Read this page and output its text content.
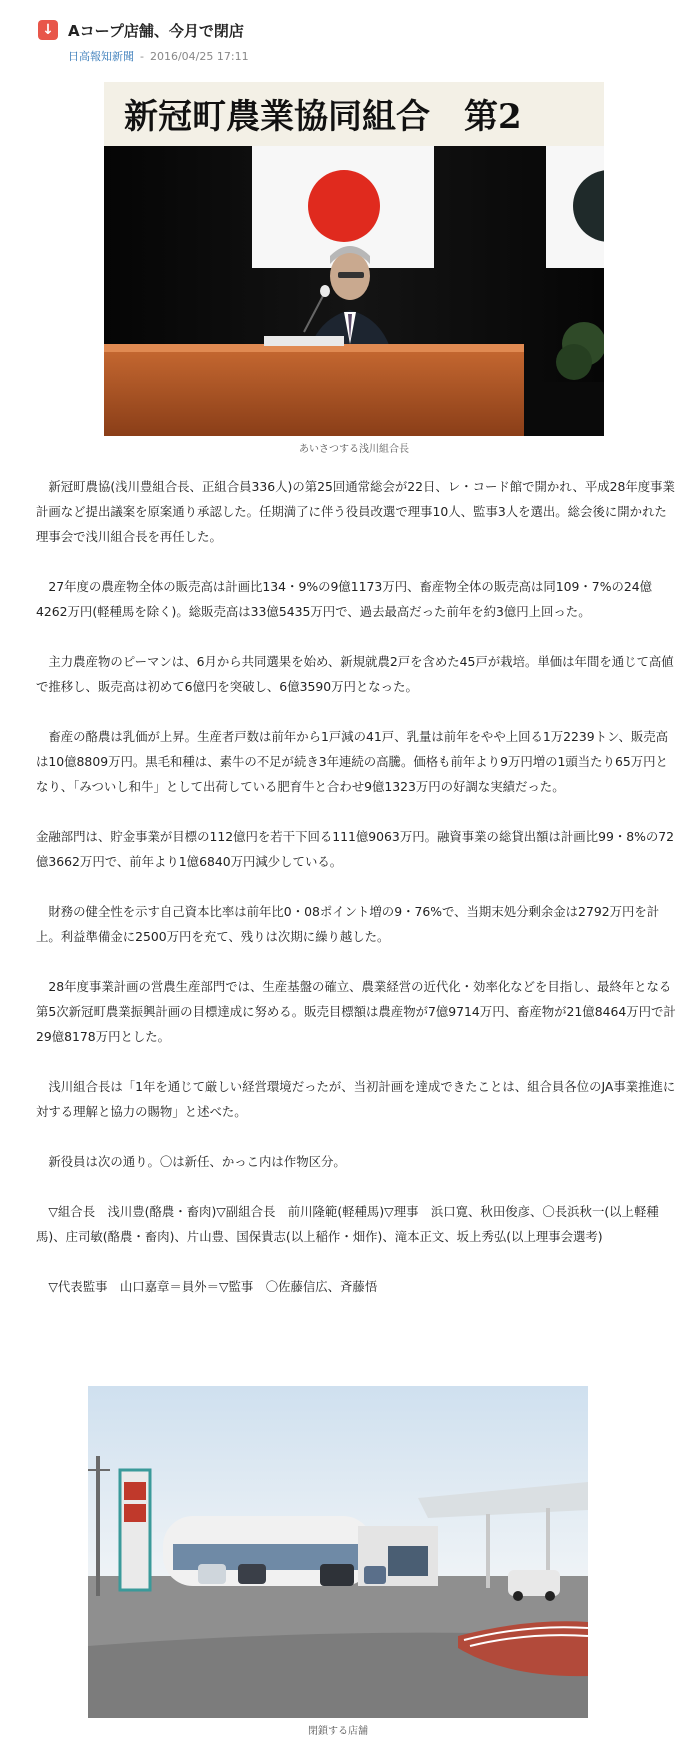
↓ Aコープ店舗、今月で閉店
日高報知新聞 - 2016/04/25 17:11
新冠町農業協同組合　第2
あいさつする浅川組合長

　新冠町農協(浅川豊組合長、正組合員336人)の第25回通常総会が22日、レ・コード館で開かれ、平成28年度事業計画など提出議案を原案通り承認した。任期満了に伴う役員改選で理事10人、監事3人を選出。総会後に開かれた理事会で浅川組合長を再任した。

　27年度の農産物全体の販売高は計画比134・9%の9億1173万円、畜産物全体の販売高は同109・7%の24億4262万円(軽種馬を除く)。総販売高は33億5435万円で、過去最高だった前年を約3億円上回った。

　主力農産物のピーマンは、6月から共同選果を始め、新規就農2戸を含めた45戸が栽培。単価は年間を通じて高値で推移し、販売高は初めて6億円を突破し、6億3590万円となった。

　畜産の酪農は乳価が上昇。生産者戸数は前年から1戸減の41戸、乳量は前年をやや上回る1万2239トン、販売高は10億8809万円。黒毛和種は、素牛の不足が続き3年連続の高騰。価格も前年より9万円増の1頭当たり65万円となり、「みついし和牛」として出荷している肥育牛と合わせ9億1323万円の好調な実績だった。

金融部門は、貯金事業が目標の112億円を若干下回る111億9063万円。融資事業の総貸出額は計画比99・8%の72億3662万円で、前年より1億6840万円減少している。

　財務の健全性を示す自己資本比率は前年比0・08ポイント増の9・76%で、当期末処分剰余金は2792万円を計上。利益準備金に2500万円を充て、残りは次期に繰り越した。

　28年度事業計画の営農生産部門では、生産基盤の確立、農業経営の近代化・効率化などを目指し、最終年となる第5次新冠町農業振興計画の目標達成に努める。販売目標額は農産物が7億9714万円、畜産物が21億8464万円で計29億8178万円とした。

　浅川組合長は「1年を通じて厳しい経営環境だったが、当初計画を達成できたことは、組合員各位のJA事業推進に対する理解と協力の賜物」と述べた。

　新役員は次の通り。〇は新任、かっこ内は作物区分。

　▽組合長　浅川豊(酪農・畜肉)▽副組合長　前川隆範(軽種馬)▽理事　浜口寛、秋田俊彦、〇長浜秋一(以上軽種馬)、庄司敏(酪農・畜肉)、片山豊、国保貴志(以上稲作・畑作)、滝本正文、坂上秀弘(以上理事会選考)

　▽代表監事　山口嘉章＝員外＝▽監事　〇佐藤信広、斉藤悟

閉鎖する店舗
